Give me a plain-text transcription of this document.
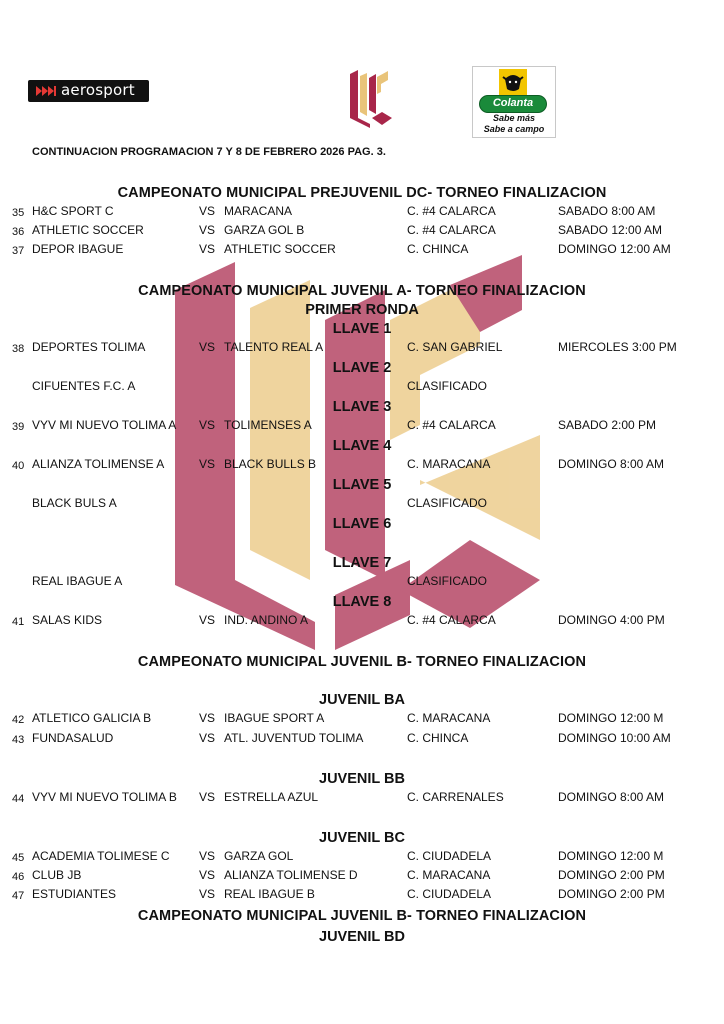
aerosport
Colanta
Sabe más
Sabe a campo
CONTINUACION PROGRAMACION 7 Y 8 DE FEBRERO 2026 PAG. 3.
CAMPEONATO MUNICIPAL PREJUVENIL DC- TORNEO FINALIZACION
CAMPEONATO MUNICIPAL JUVENIL A- TORNEO FINALIZACION
PRIMER RONDA
LLAVE 1
LLAVE 2
LLAVE 3
LLAVE 4
LLAVE 5
LLAVE 6
LLAVE 7
LLAVE 8
CAMPEONATO MUNICIPAL JUVENIL B- TORNEO FINALIZACION
JUVENIL BA
JUVENIL BB
JUVENIL BC
CAMPEONATO MUNICIPAL JUVENIL B- TORNEO FINALIZACION
JUVENIL BD
35 H&C SPORT C	VS MARACANA	C. #4 CALARCA	SABADO 8:00 AM
36 ATHLETIC SOCCER	VS GARZA GOL B	C. #4 CALARCA	SABADO 12:00 AM
37 DEPOR IBAGUE	VS ATHLETIC SOCCER	C. CHINCA	DOMINGO 12:00 AM
38 DEPORTES TOLIMA	VS TALENTO REAL A	C. SAN GABRIEL	MIERCOLES 3:00 PM
CIFUENTES F.C. A	CLASIFICADO
39 VYV MI NUEVO TOLIMA A VS TOLIMENSES A	C. #4 CALARCA	SABADO 2:00 PM
40 ALIANZA TOLIMENSE A	VS BLACK BULLS B	C. MARACANA	DOMINGO 8:00 AM
BLACK BULS A	CLASIFICADO
REAL IBAGUE A	CLASIFICADO
41 SALAS KIDS	VS IND. ANDINO A	C. #4 CALARCA	DOMINGO 4:00 PM
42 ATLETICO GALICIA B	VS IBAGUE SPORT A	C. MARACANA	DOMINGO 12:00 M
43 FUNDASALUD	VS ATL. JUVENTUD TOLIMA	C. CHINCA	DOMINGO 10:00 AM
44 VYV MI NUEVO TOLIMA B VS ESTRELLA AZUL	C. CARRENALES	DOMINGO 8:00 AM
45 ACADEMIA TOLIMESE C VS GARZA GOL	C. CIUDADELA	DOMINGO 12:00 M
46 CLUB JB	VS ALIANZA TOLIMENSE D	C. MARACANA	DOMINGO 2:00 PM
47 ESTUDIANTES	VS REAL IBAGUE B	C. CIUDADELA	DOMINGO 2:00 PM
